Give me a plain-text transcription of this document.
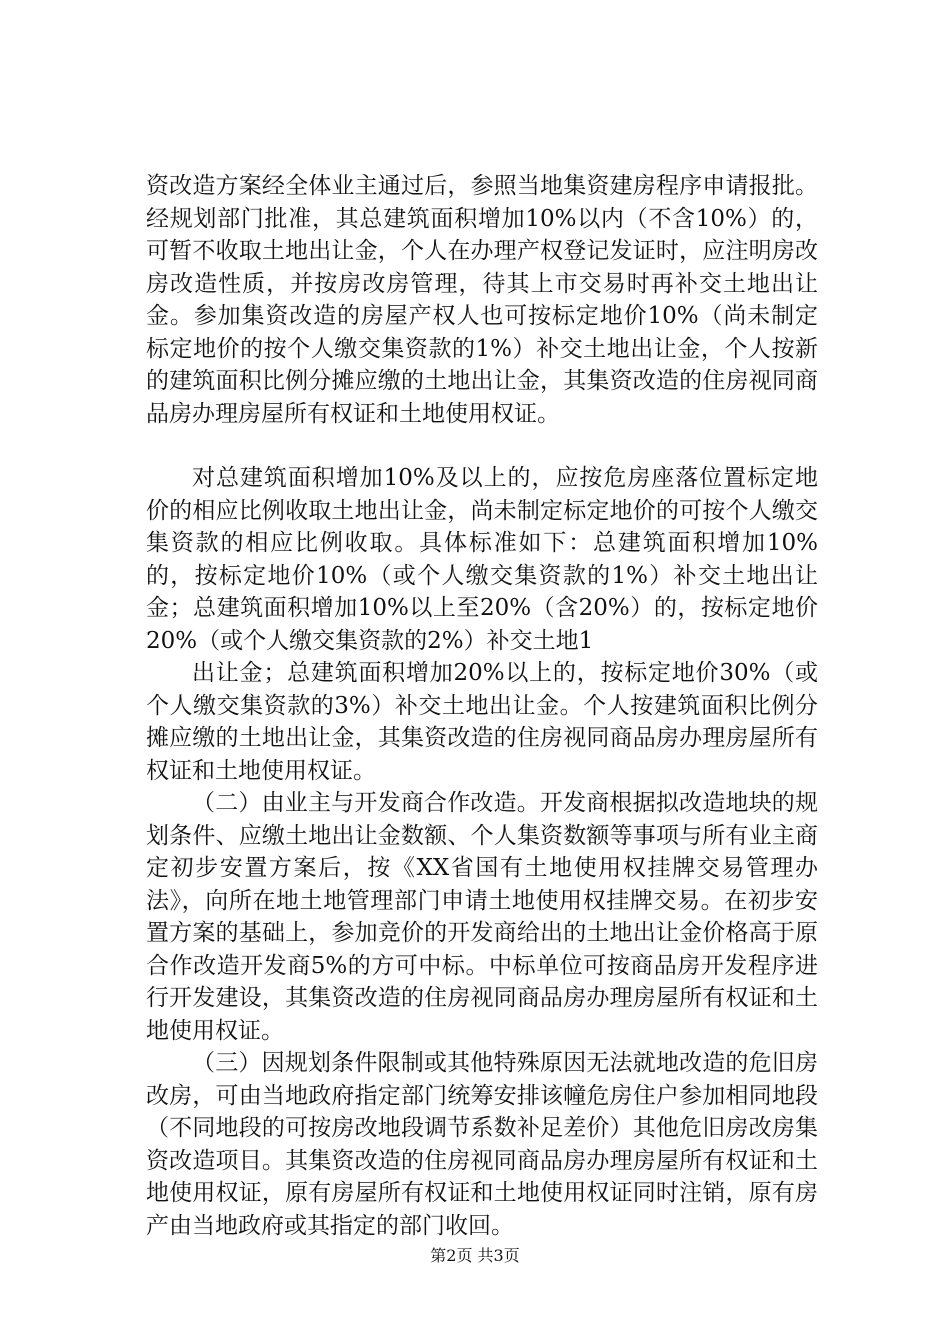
资改造方案经全体业主通过后，参照当地集资建房程序申请报批。经规划部门批准，其总建筑面积增加10%以内（不含10%）的，可暂不收取土地出让金，个人在办理产权登记发证时，应注明房改房改造性质，并按房改房管理，待其上市交易时再补交土地出让金。参加集资改造的房屋产权人也可按标定地价10%（尚未制定标定地价的按个人缴交集资款的1%）补交土地出让金，个人按新的建筑面积比例分摊应缴的土地出让金，其集资改造的住房视同商品房办理房屋所有权证和土地使用权证。

对总建筑面积增加10%及以上的，应按危房座落位置标定地价的相应比例收取土地出让金，尚未制定标定地价的可按个人缴交集资款的相应比例收取。具体标准如下：总建筑面积增加10%的，按标定地价10%（或个人缴交集资款的1%）补交土地出让金；总建筑面积增加10%以上至20%（含20%）的，按标定地价20%（或个人缴交集资款的2%）补交土地1

出让金；总建筑面积增加20%以上的，按标定地价30%（或个人缴交集资款的3%）补交土地出让金。个人按建筑面积比例分摊应缴的土地出让金，其集资改造的住房视同商品房办理房屋所有权证和土地使用权证。

（二）由业主与开发商合作改造。开发商根据拟改造地块的规划条件、应缴土地出让金数额、个人集资数额等事项与所有业主商定初步安置方案后，按《XX省国有土地使用权挂牌交易管理办法》，向所在地土地管理部门申请土地使用权挂牌交易。在初步安置方案的基础上，参加竞价的开发商给出的土地出让金价格高于原合作改造开发商5%的方可中标。中标单位可按商品房开发程序进行开发建设，其集资改造的住房视同商品房办理房屋所有权证和土地使用权证。

（三）因规划条件限制或其他特殊原因无法就地改造的危旧房改房，可由当地政府指定部门统筹安排该幢危房住户参加相同地段（不同地段的可按房改地段调节系数补足差价）其他危旧房改房集资改造项目。其集资改造的住房视同商品房办理房屋所有权证和土地使用权证，原有房屋所有权证和土地使用权证同时注销，原有房产由当地政府或其指定的部门收回。

第2页 共3页
